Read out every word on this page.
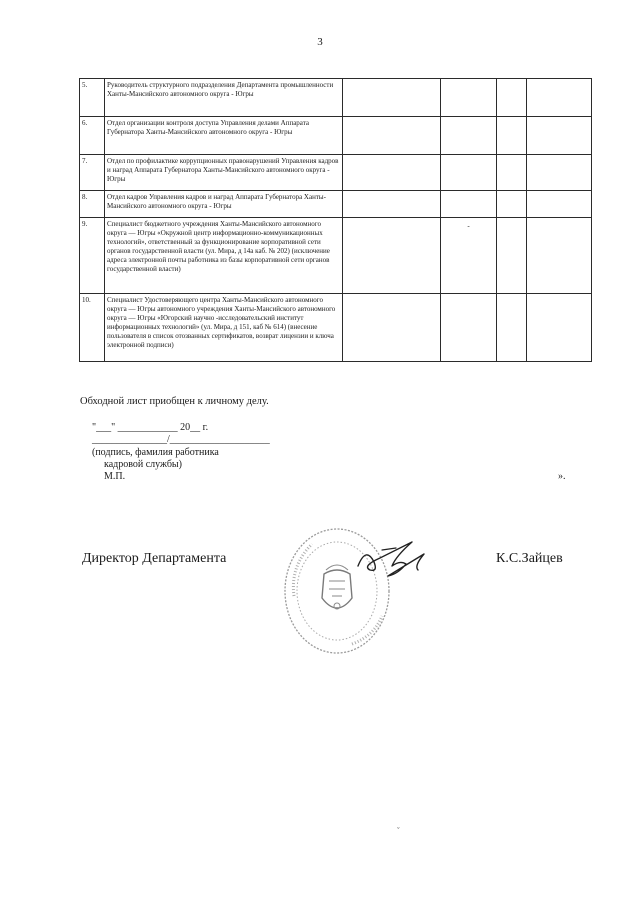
3
5.	Руководитель структурного подразделения Департамента промышленности Ханты-Мансийского автономного округа - Югры				
6.	Отдел организации контроля доступа Управления делами Аппарата Губернатора Ханты-Мансийского автономного округа - Югры				
7.	Отдел по профилактике коррупционных правонарушений Управления кадров и наград Аппарата Губернатора Ханты-Мансийского автономного округа - Югры				
8.	Отдел кадров Управления кадров и наград Аппарата Губернатора Ханты-Мансийского автономного округа - Югры				
9.	Специалист бюджетного учреждения Ханты-Мансийского автономного округа — Югры «Окружной центр информационно-коммуникационных технологий», ответственный за функционирование корпоративной сети органов государственной власти (ул. Мира, д 14а каб. № 202) (исключение адреса электронной почты работника из базы корпоративной сети органов государственной власти)		-		
10.	Специалист Удостоверяющего центра Ханты-Мансийского автономного округа — Югры автономного учреждения Ханты-Мансийского автономного округа — Югры «Югорский научно -исследовательский институт информационных технологий» (ул. Мира, д 151, каб № 614) (внесение пользователя в список отозванных сертификатов, возврат лицензии и ключа электронной подписи)				
Обходной лист приобщен к личному делу.
"___" ____________ 20__ г.
_______________/____________________
(подпись, фамилия работника
кадровой службы)
М.П.	».
Директор Департамента	К.С.Зайцев
ˇ
